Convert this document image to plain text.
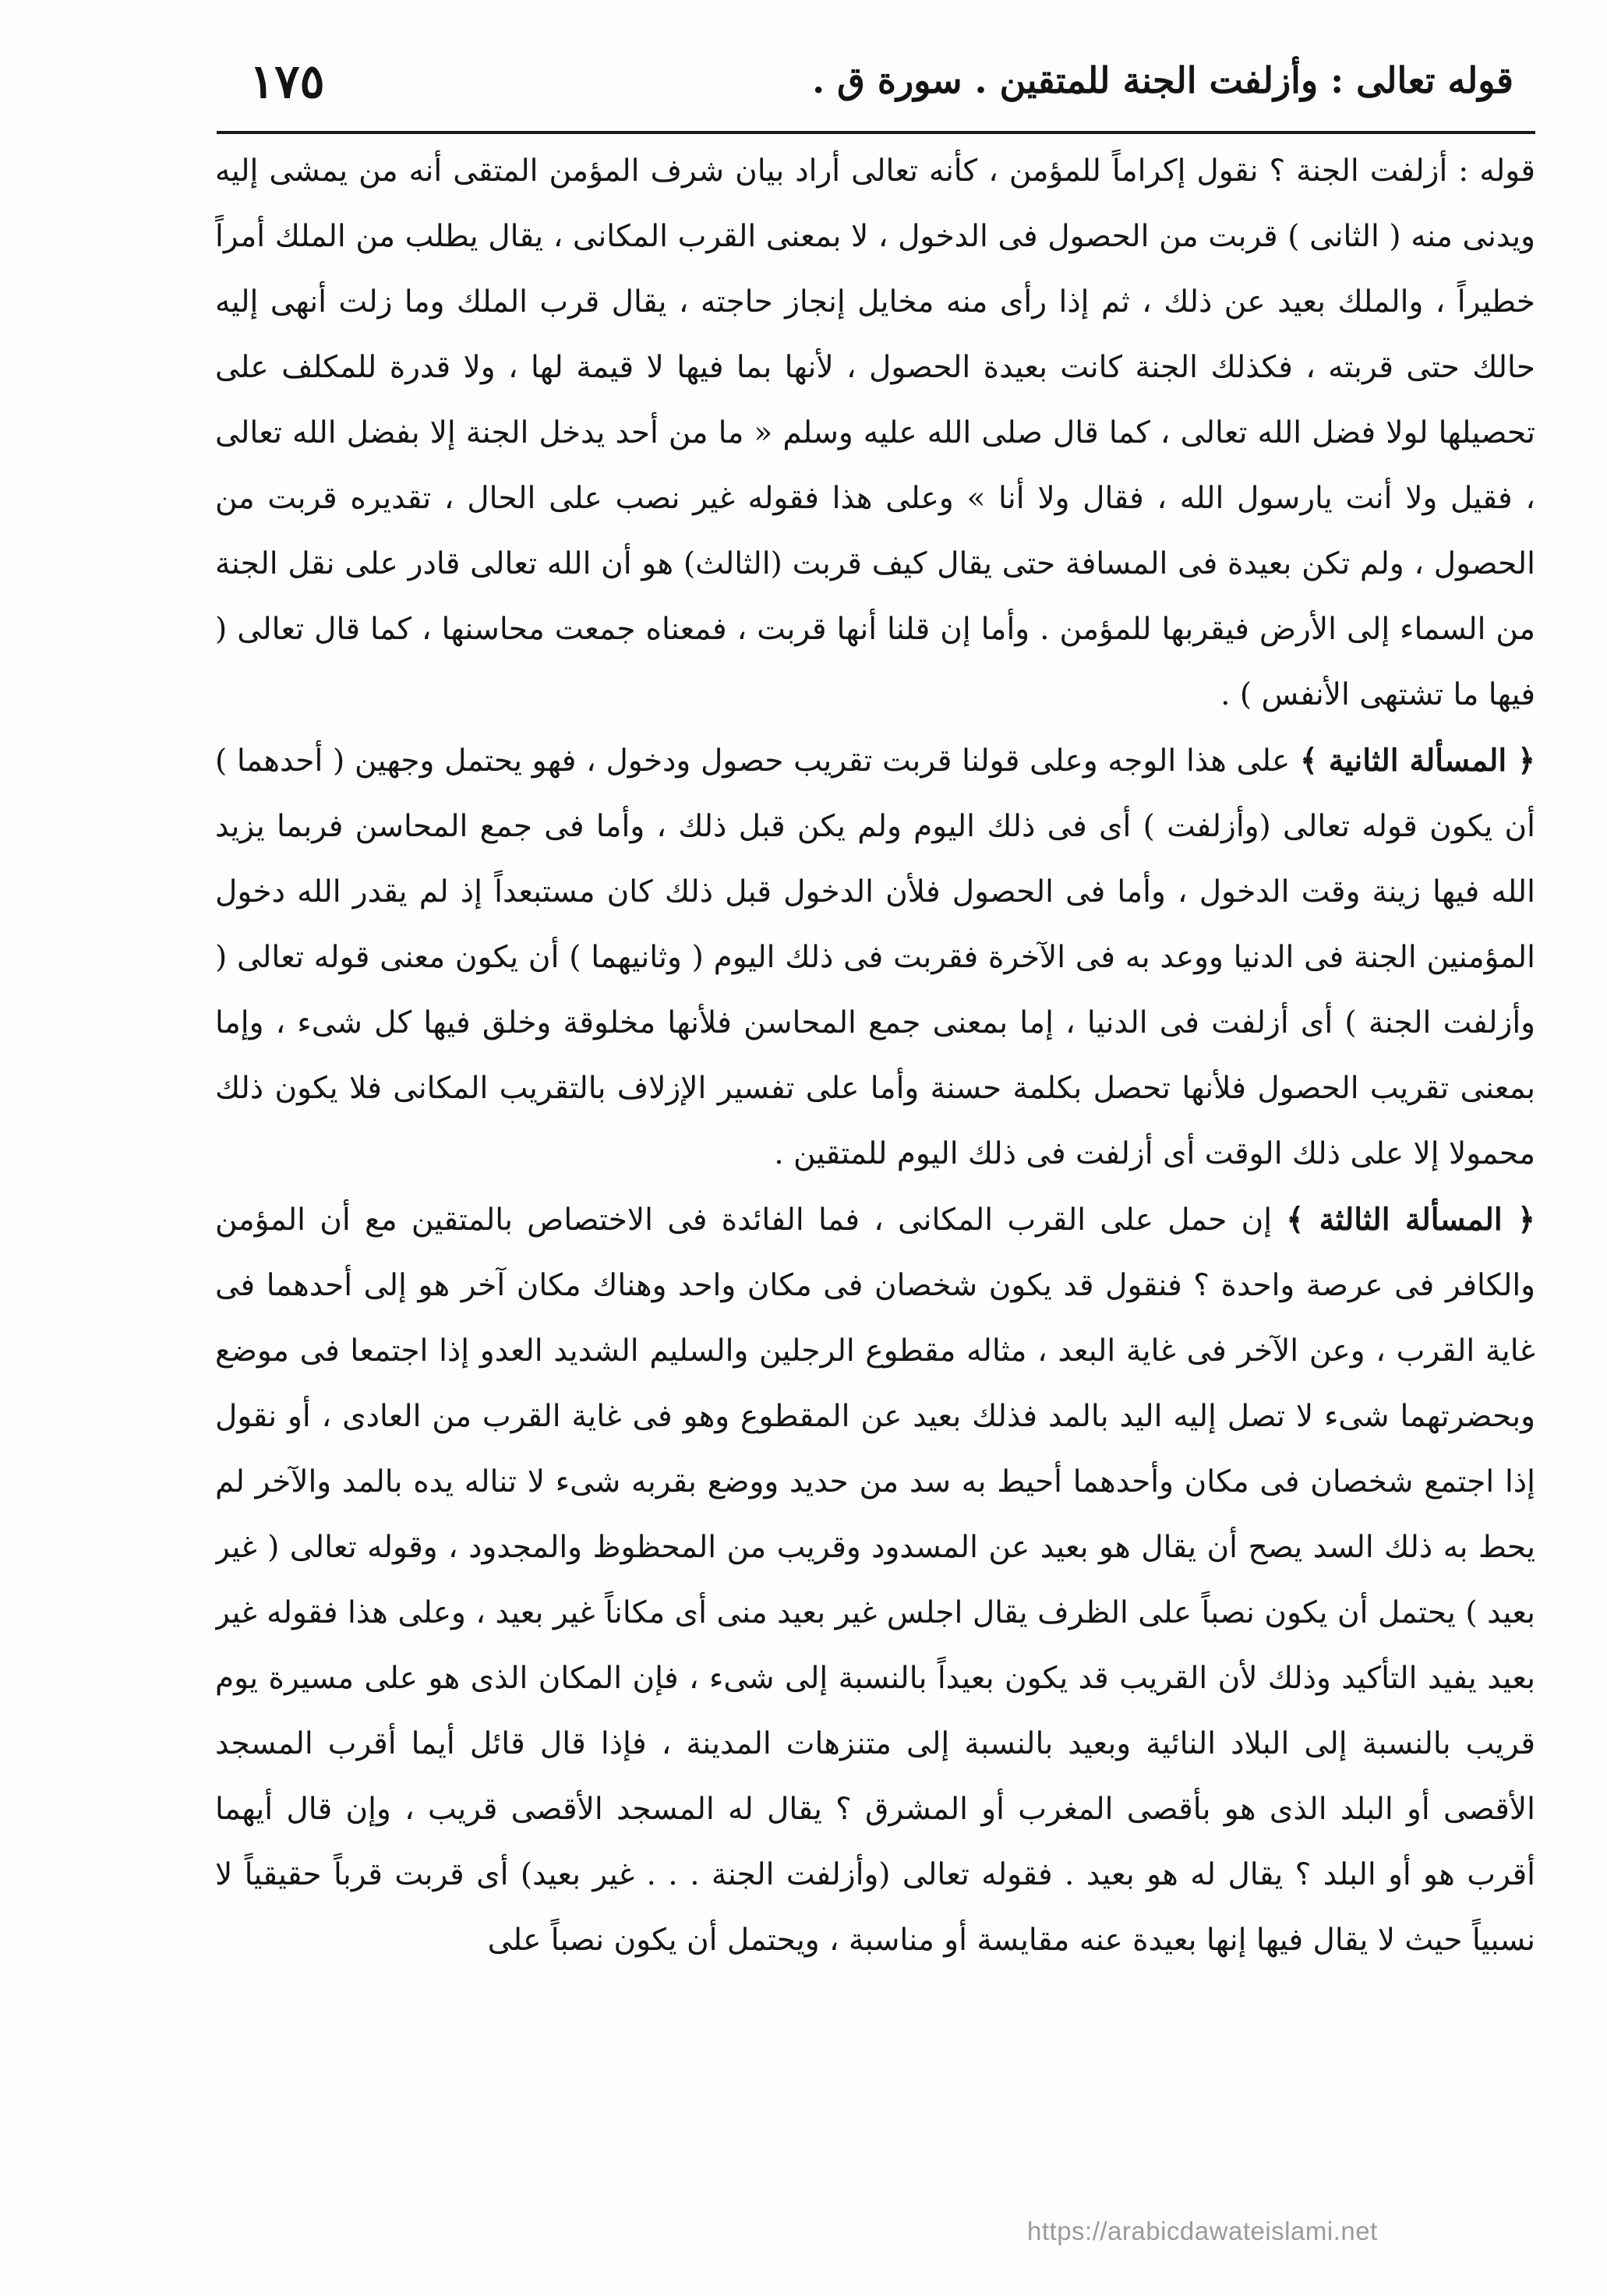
قوله تعالى : وأزلفت الجنة للمتقين . سورة ق .
١٧٥

قوله : أزلفت الجنة ؟ نقول إكراماً للمؤمن ، كأنه تعالى أراد بيان شرف المؤمن المتقى أنه من يمشى إليه ويدنى منه ( الثانى ) قربت من الحصول فى الدخول ، لا بمعنى القرب المكانى ، يقال يطلب من الملك أمراً خطيراً ، والملك بعيد عن ذلك ، ثم إذا رأى منه مخايل إنجاز حاجته ، يقال قرب الملك وما زلت أنهى إليه حالك حتى قربته ، فكذلك الجنة كانت بعيدة الحصول ، لأنها بما فيها لا قيمة لها ، ولا قدرة للمكلف على تحصيلها لولا فضل الله تعالى ، كما قال صلى الله عليه وسلم « ما من أحد يدخل الجنة إلا بفضل الله تعالى ، فقيل ولا أنت يارسول الله ، فقال ولا أنا » وعلى هذا فقوله غير نصب على الحال ، تقديره قربت من الحصول ، ولم تكن بعيدة فى المسافة حتى يقال كيف قربت (الثالث) هو أن الله تعالى قادر على نقل الجنة من السماء إلى الأرض فيقربها للمؤمن . وأما إن قلنا أنها قربت ، فمعناه جمعت محاسنها ، كما قال تعالى ( فيها ما تشتهى الأنفس ) .

﴿ المسألة الثانية ﴾ على هذا الوجه وعلى قولنا قربت تقريب حصول ودخول ، فهو يحتمل وجهين ( أحدهما ) أن يكون قوله تعالى (وأزلفت ) أى فى ذلك اليوم ولم يكن قبل ذلك ، وأما فى جمع المحاسن فربما يزيد الله فيها زينة وقت الدخول ، وأما فى الحصول فلأن الدخول قبل ذلك كان مستبعداً إذ لم يقدر الله دخول المؤمنين الجنة فى الدنيا ووعد به فى الآخرة فقربت فى ذلك اليوم ( وثانيهما ) أن يكون معنى قوله تعالى ( وأزلفت الجنة ) أى أزلفت فى الدنيا ، إما بمعنى جمع المحاسن فلأنها مخلوقة وخلق فيها كل شىء ، وإما بمعنى تقريب الحصول فلأنها تحصل بكلمة حسنة وأما على تفسير الإزلاف بالتقريب المكانى فلا يكون ذلك محمولا إلا على ذلك الوقت أى أزلفت فى ذلك اليوم للمتقين .

﴿ المسألة الثالثة ﴾ إن حمل على القرب المكانى ، فما الفائدة فى الاختصاص بالمتقين مع أن المؤمن والكافر فى عرصة واحدة ؟ فنقول قد يكون شخصان فى مكان واحد وهناك مكان آخر هو إلى أحدهما فى غاية القرب ، وعن الآخر فى غاية البعد ، مثاله مقطوع الرجلين والسليم الشديد العدو إذا اجتمعا فى موضع وبحضرتهما شىء لا تصل إليه اليد بالمد فذلك بعيد عن المقطوع وهو فى غاية القرب من العادى ، أو نقول إذا اجتمع شخصان فى مكان وأحدهما أحيط به سد من حديد ووضع بقربه شىء لا تناله يده بالمد والآخر لم يحط به ذلك السد يصح أن يقال هو بعيد عن المسدود وقريب من المحظوظ والمجدود ، وقوله تعالى ( غير بعيد ) يحتمل أن يكون نصباً على الظرف يقال اجلس غير بعيد منى أى مكاناً غير بعيد ، وعلى هذا فقوله غير بعيد يفيد التأكيد وذلك لأن القريب قد يكون بعيداً بالنسبة إلى شىء ، فإن المكان الذى هو على مسيرة يوم قريب بالنسبة إلى البلاد النائية وبعيد بالنسبة إلى متنزهات المدينة ، فإذا قال قائل أيما أقرب المسجد الأقصى أو البلد الذى هو بأقصى المغرب أو المشرق ؟ يقال له المسجد الأقصى قريب ، وإن قال أيهما أقرب هو أو البلد ؟ يقال له هو بعيد . فقوله تعالى (وأزلفت الجنة . . . غير بعيد) أى قربت قرباً حقيقياً لا نسبياً حيث لا يقال فيها إنها بعيدة عنه مقايسة أو مناسبة ، ويحتمل أن يكون نصباً على

https://arabicdawateislami.net
